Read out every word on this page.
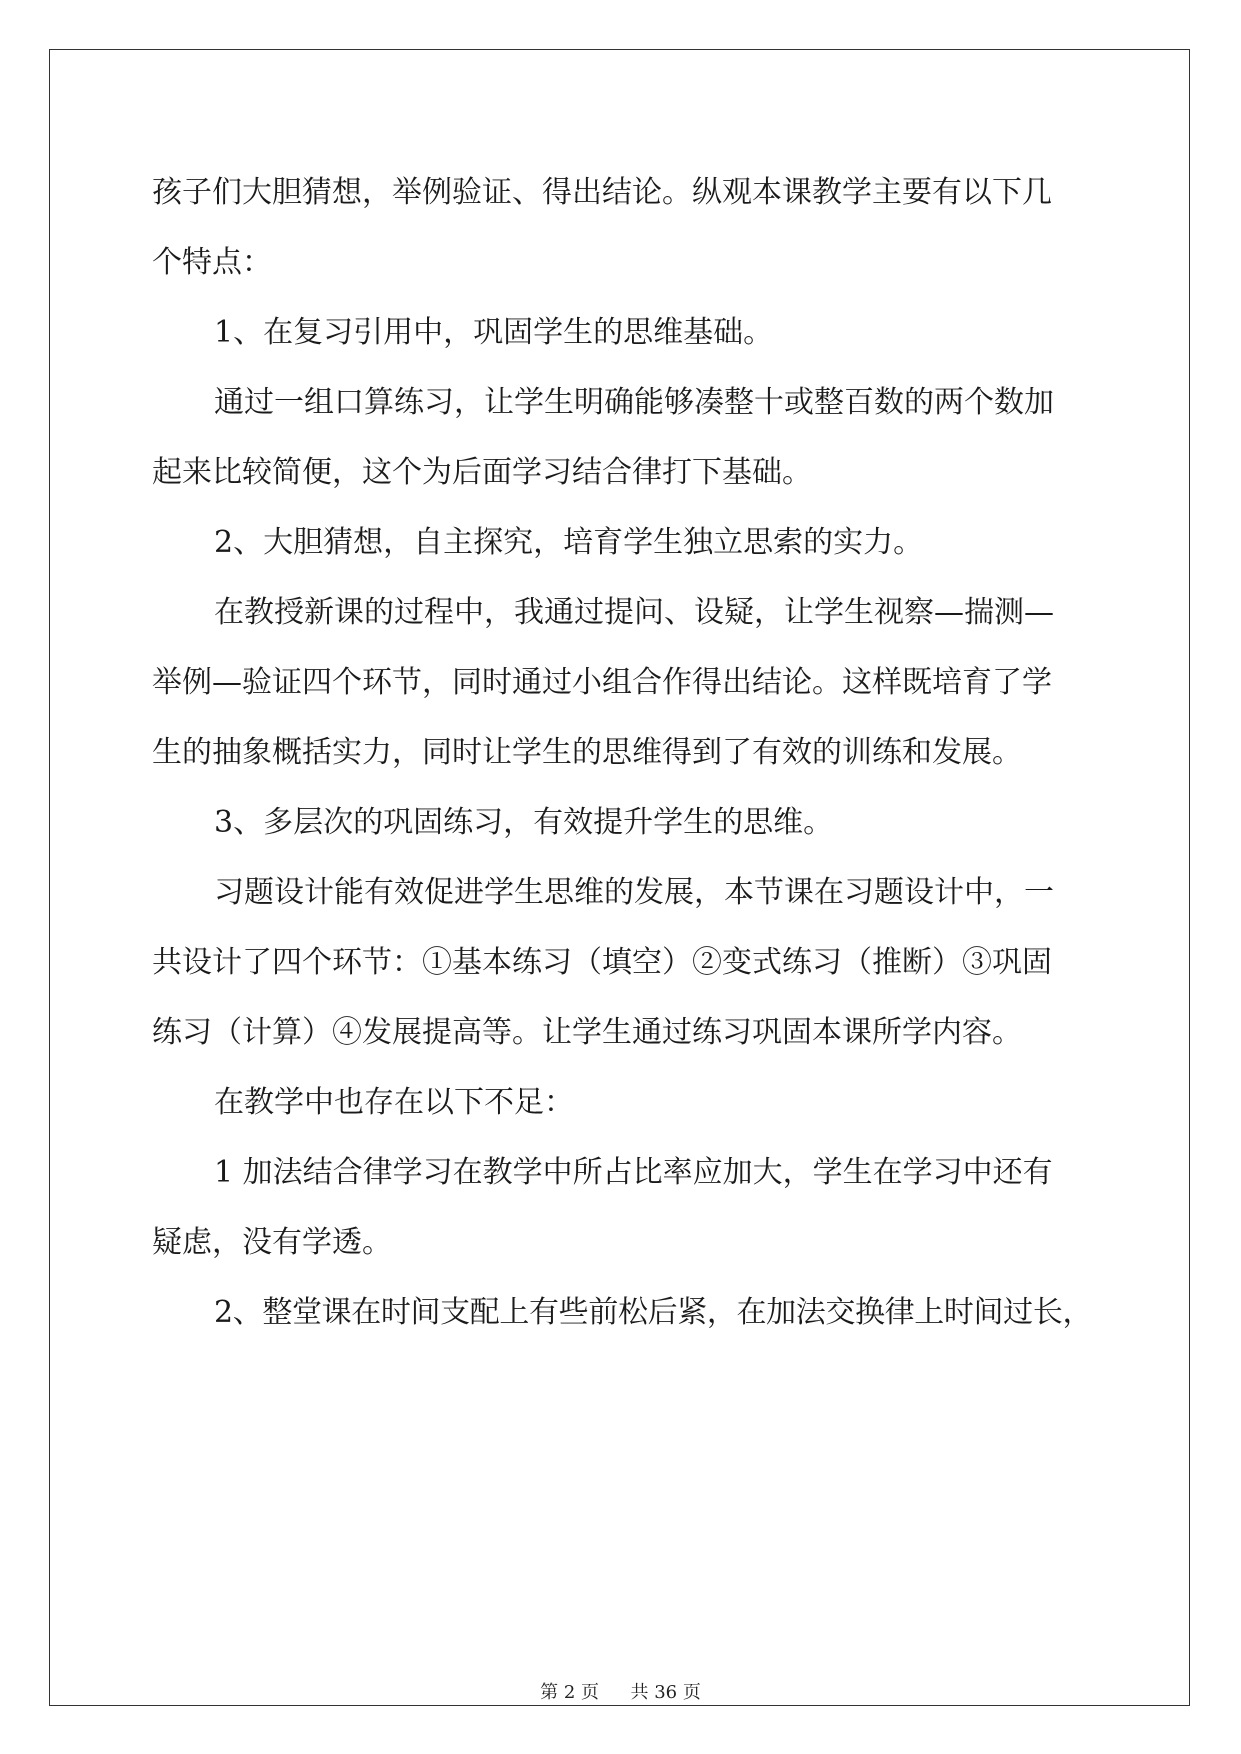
孩子们大胆猜想，举例验证、得出结论。纵观本课教学主要有以下几
个特点：
1、在复习引用中，巩固学生的思维基础。
通过一组口算练习，让学生明确能够凑整十或整百数的两个数加
起来比较简便，这个为后面学习结合律打下基础。
2、大胆猜想，自主探究，培育学生独立思索的实力。
在教授新课的过程中，我通过提问、设疑，让学生视察—揣测—
举例—验证四个环节，同时通过小组合作得出结论。这样既培育了学
生的抽象概括实力，同时让学生的思维得到了有效的训练和发展。
3、多层次的巩固练习，有效提升学生的思维。
习题设计能有效促进学生思维的发展，本节课在习题设计中，一
共设计了四个环节：①基本练习（填空）②变式练习（推断）③巩固
练习（计算）④发展提高等。让学生通过练习巩固本课所学内容。
在教学中也存在以下不足：
1 加法结合律学习在教学中所占比率应加大，学生在学习中还有
疑虑，没有学透。
2、整堂课在时间支配上有些前松后紧，在加法交换律上时间过长，
第 2 页 共 36 页
